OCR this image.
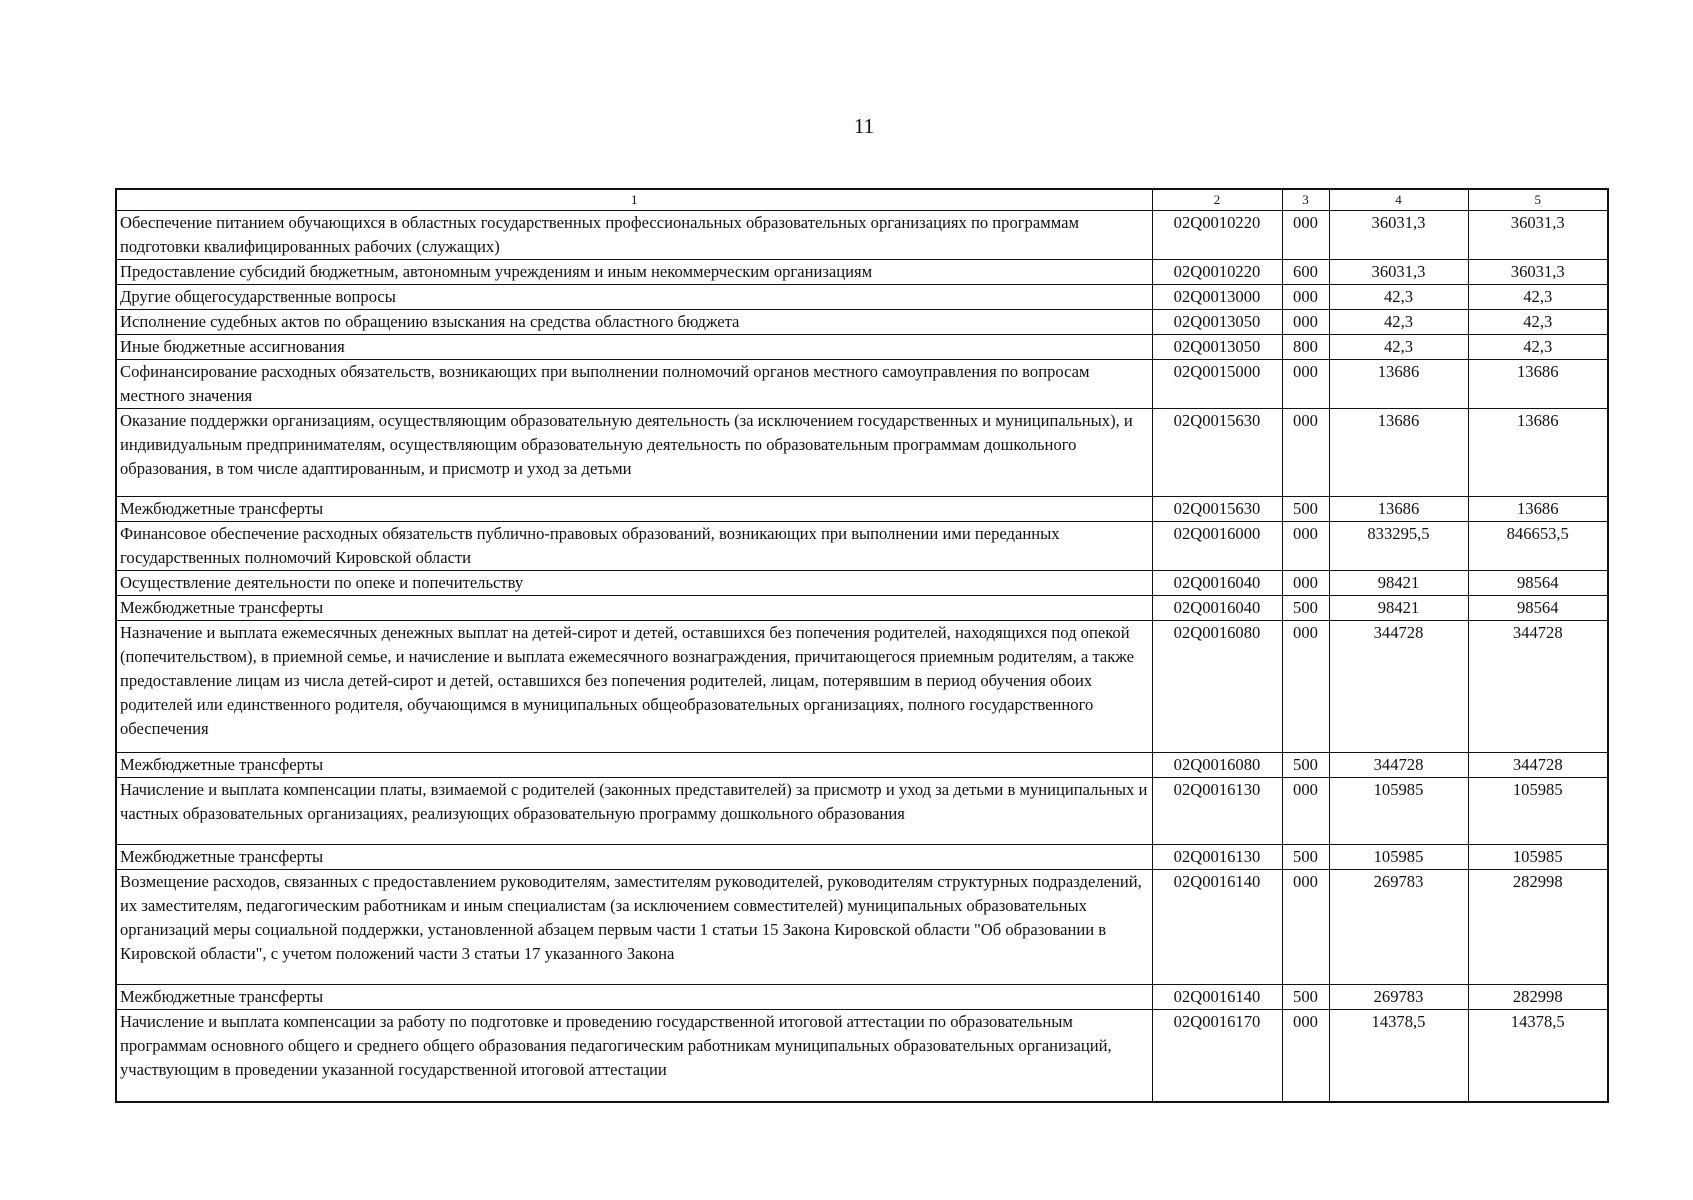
11
1	2	3	4	5
Обеспечение питанием обучающихся в областных государственных профессиональных образовательных организациях по программам подготовки квалифицированных рабочих (служащих)	02Q0010220	000	36031,3	36031,3
Предоставление субсидий бюджетным, автономным учреждениям и иным некоммерческим организациям	02Q0010220	600	36031,3	36031,3
Другие общегосударственные вопросы	02Q0013000	000	42,3	42,3
Исполнение судебных актов по обращению взыскания на средства областного бюджета	02Q0013050	000	42,3	42,3
Иные бюджетные ассигнования	02Q0013050	800	42,3	42,3
Софинансирование расходных обязательств, возникающих при выполнении полномочий органов местного самоуправления по вопросам местного значения	02Q0015000	000	13686	13686
Оказание поддержки организациям, осуществляющим образовательную деятельность (за исключением государственных и муниципальных), и индивидуальным предпринимателям, осуществляющим образовательную деятельность по образовательным программам дошкольного образования, в том числе адаптированным, и присмотр и уход за детьми	02Q0015630	000	13686	13686
Межбюджетные трансферты	02Q0015630	500	13686	13686
Финансовое обеспечение расходных обязательств публично-правовых образований, возникающих при выполнении ими переданных государственных полномочий Кировской области	02Q0016000	000	833295,5	846653,5
Осуществление деятельности по опеке и попечительству	02Q0016040	000	98421	98564
Межбюджетные трансферты	02Q0016040	500	98421	98564
Назначение и выплата ежемесячных денежных выплат на детей-сирот и детей, оставшихся без попечения родителей, находящихся под опекой (попечительством), в приемной семье, и начисление и выплата ежемесячного вознаграждения, причитающегося приемным родителям, а также предоставление лицам из числа детей-сирот и детей, оставшихся без попечения родителей, лицам, потерявшим в период обучения обоих родителей или единственного родителя, обучающимся в муниципальных общеобразовательных организациях, полного государственного обеспечения	02Q0016080	000	344728	344728
Межбюджетные трансферты	02Q0016080	500	344728	344728
Начисление и выплата компенсации платы, взимаемой с родителей (законных представителей) за присмотр и уход за детьми в муниципальных и частных образовательных организациях, реализующих образовательную программу дошкольного образования	02Q0016130	000	105985	105985
Межбюджетные трансферты	02Q0016130	500	105985	105985
Возмещение расходов, связанных с предоставлением руководителям, заместителям руководителей, руководителям структурных подразделений, их заместителям, педагогическим работникам и иным специалистам (за исключением совместителей) муниципальных образовательных организаций меры социальной поддержки, установленной абзацем первым части 1 статьи 15 Закона Кировской области "Об образовании в Кировской области", с учетом положений части 3 статьи 17 указанного Закона	02Q0016140	000	269783	282998
Межбюджетные трансферты	02Q0016140	500	269783	282998
Начисление и выплата компенсации за работу по подготовке и проведению государственной итоговой аттестации по образовательным программам основного общего и среднего общего образования педагогическим работникам муниципальных образовательных организаций, участвующим в проведении указанной государственной итоговой аттестации	02Q0016170	000	14378,5	14378,5
